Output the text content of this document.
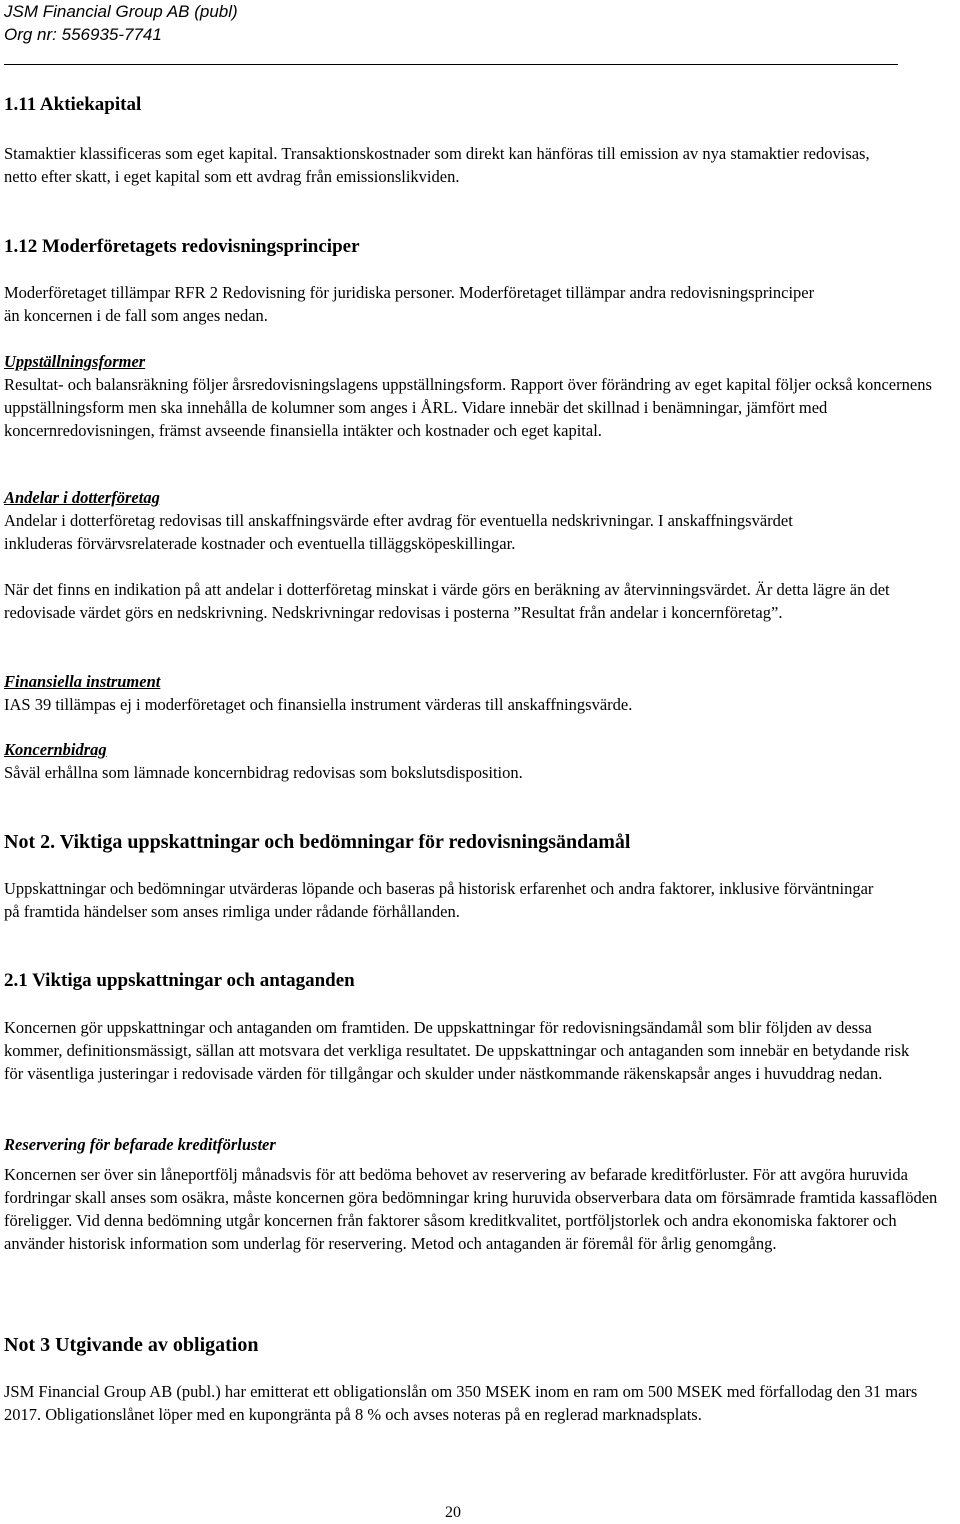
JSM Financial Group AB (publ)
Org nr: 556935-7741
1.11 Aktiekapital

Stamaktier klassificeras som eget kapital. Transaktionskostnader som direkt kan hänföras till emission av nya stamaktier redovisas, netto efter skatt, i eget kapital som ett avdrag från emissionslikviden.

1.12 Moderföretagets redovisningsprinciper

Moderföretaget tillämpar RFR 2 Redovisning för juridiska personer. Moderföretaget tillämpar andra redovisningsprinciper än koncernen i de fall som anges nedan.

Uppställningsformer

Resultat- och balansräkning följer årsredovisningslagens uppställningsform. Rapport över förändring av eget kapital följer också koncernens uppställningsform men ska innehålla de kolumner som anges i ÅRL. Vidare innebär det skillnad i benämningar, jämfört med koncernredovisningen, främst avseende finansiella intäkter och kostnader och eget kapital.

Andelar i dotterföretag

Andelar i dotterföretag redovisas till anskaffningsvärde efter avdrag för eventuella nedskrivningar. I anskaffningsvärdet inkluderas förvärvsrelaterade kostnader och eventuella tilläggsköpeskillingar.

När det finns en indikation på att andelar i dotterföretag minskat i värde görs en beräkning av återvinningsvärdet. Är detta lägre än det redovisade värdet görs en nedskrivning. Nedskrivningar redovisas i posterna ”Resultat från andelar i koncernföretag”.

Finansiella instrument

IAS 39 tillämpas ej i moderföretaget och finansiella instrument värderas till anskaffningsvärde.

Koncernbidrag

Såväl erhållna som lämnade koncernbidrag redovisas som bokslutsdisposition.

Not 2. Viktiga uppskattningar och bedömningar för redovisningsändamål

Uppskattningar och bedömningar utvärderas löpande och baseras på historisk erfarenhet och andra faktorer, inklusive förväntningar på framtida händelser som anses rimliga under rådande förhållanden.

2.1 Viktiga uppskattningar och antaganden

Koncernen gör uppskattningar och antaganden om framtiden. De uppskattningar för redovisningsändamål som blir följden av dessa kommer, definitionsmässigt, sällan att motsvara det verkliga resultatet. De uppskattningar och antaganden som innebär en betydande risk för väsentliga justeringar i redovisade värden för tillgångar och skulder under nästkommande räkenskapsår anges i huvuddrag nedan.

Reservering för befarade kreditförluster

Koncernen ser över sin låneportfölj månadsvis för att bedöma behovet av reservering av befarade kreditförluster. För att avgöra huruvida fordringar skall anses som osäkra, måste koncernen göra bedömningar kring huruvida observerbara data om försämrade framtida kassaflöden föreligger. Vid denna bedömning utgår koncernen från faktorer såsom kreditkvalitet, portföljstorlek och andra ekonomiska faktorer och använder historisk information som underlag för reservering. Metod och antaganden är föremål för årlig genomgång.

Not 3 Utgivande av obligation

JSM Financial Group AB (publ.) har emitterat ett obligationslån om 350 MSEK inom en ram om 500 MSEK med förfallodag den 31 mars 2017. Obligationslånet löper med en kupongränta på 8 % och avses noteras på en reglerad marknadsplats.

20
